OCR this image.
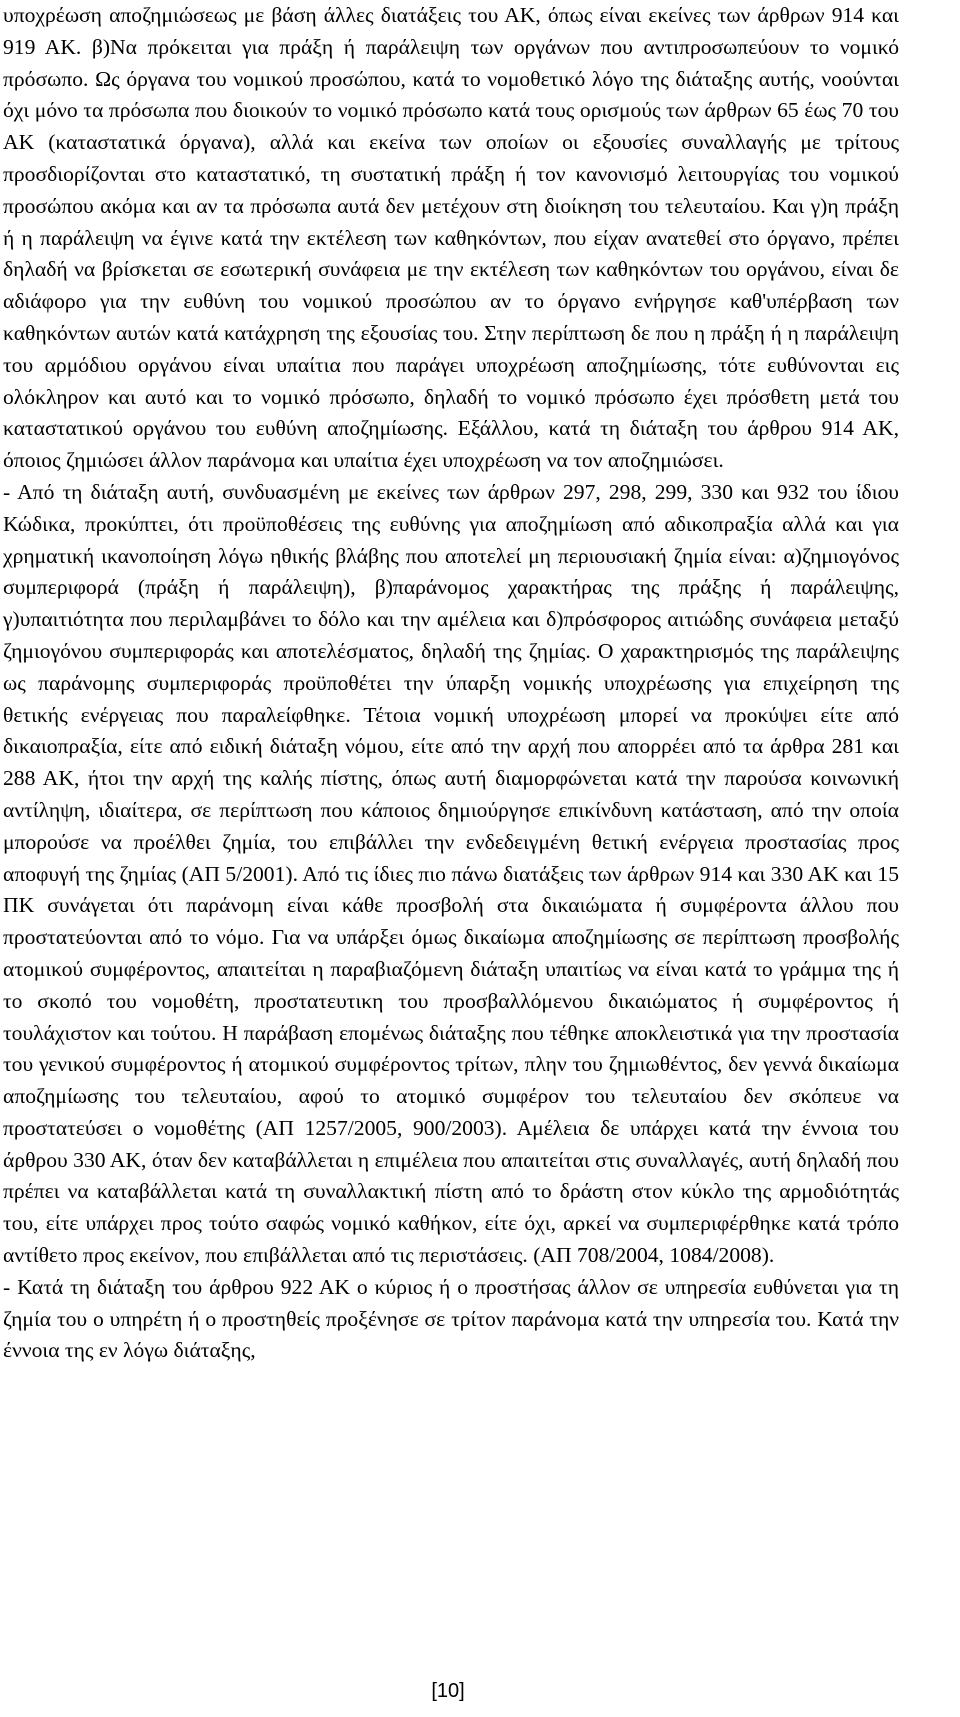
υποχρέωση αποζημιώσεως με βάση άλλες διατάξεις του ΑΚ, όπως είναι εκείνες των άρθρων 914 και 919 ΑΚ. β)Να πρόκειται για πράξη ή παράλειψη των οργάνων που αντιπροσωπεύουν το νομικό πρόσωπο. Ως όργανα του νομικού προσώπου, κατά το νομοθετικό λόγο της διάταξης αυτής, νοούνται όχι μόνο τα πρόσωπα που διοικούν το νομικό πρόσωπο κατά τους ορισμούς των άρθρων 65 έως 70 του ΑΚ (καταστατικά όργανα), αλλά και εκείνα των οποίων οι εξουσίες συναλλαγής με τρίτους προσδιορίζονται στο καταστατικό, τη συστατική πράξη ή τον κανονισμό λειτουργίας του νομικού προσώπου ακόμα και αν τα πρόσωπα αυτά δεν μετέχουν στη διοίκηση του τελευταίου. Και γ)η πράξη ή η παράλειψη να έγινε κατά την εκτέλεση των καθηκόντων, που είχαν ανατεθεί στο όργανο, πρέπει δηλαδή να βρίσκεται σε εσωτερική συνάφεια με την εκτέλεση των καθηκόντων του οργάνου, είναι δε αδιάφορο για την ευθύνη του νομικού προσώπου αν το όργανο ενήργησε καθ'υπέρβαση των καθηκόντων αυτών κατά κατάχρηση της εξουσίας του. Στην περίπτωση δε που η πράξη ή η παράλειψη του αρμόδιου οργάνου είναι υπαίτια που παράγει υποχρέωση αποζημίωσης, τότε ευθύνονται εις ολόκληρον και αυτό και το νομικό πρόσωπο, δηλαδή το νομικό πρόσωπο έχει πρόσθετη μετά του καταστατικού οργάνου του ευθύνη αποζημίωσης. Εξάλλου, κατά τη διάταξη του άρθρου 914 ΑΚ, όποιος ζημιώσει άλλον παράνομα και υπαίτια έχει υποχρέωση να τον αποζημιώσει.

- Από τη διάταξη αυτή, συνδυασμένη με εκείνες των άρθρων 297, 298, 299, 330 και 932 του ίδιου Κώδικα, προκύπτει, ότι προϋποθέσεις της ευθύνης για αποζημίωση από αδικοπραξία αλλά και για χρηματική ικανοποίηση λόγω ηθικής βλάβης που αποτελεί μη περιουσιακή ζημία είναι: α)ζημιογόνος συμπεριφορά (πράξη ή παράλειψη), β)παράνομος χαρακτήρας της πράξης ή παράλειψης, γ)υπαιτιότητα που περιλαμβάνει το δόλο και την αμέλεια και δ)πρόσφορος αιτιώδης συνάφεια μεταξύ ζημιογόνου συμπεριφοράς και αποτελέσματος, δηλαδή της ζημίας. Ο χαρακτηρισμός της παράλειψης ως παράνομης συμπεριφοράς προϋποθέτει την ύπαρξη νομικής υποχρέωσης για επιχείρηση της θετικής ενέργειας που παραλείφθηκε. Τέτοια νομική υποχρέωση μπορεί να προκύψει είτε από δικαιοπραξία, είτε από ειδική διάταξη νόμου, είτε από την αρχή που απορρέει από τα άρθρα 281 και 288 ΑΚ, ήτοι την αρχή της καλής πίστης, όπως αυτή διαμορφώνεται κατά την παρούσα κοινωνική αντίληψη, ιδιαίτερα, σε περίπτωση που κάποιος δημιούργησε επικίνδυνη κατάσταση, από την οποία μπορούσε να προέλθει ζημία, του επιβάλλει την ενδεδειγμένη θετική ενέργεια προστασίας προς αποφυγή της ζημίας (ΑΠ 5/2001). Από τις ίδιες πιο πάνω διατάξεις των άρθρων 914 και 330 ΑΚ και 15 ΠΚ συνάγεται ότι παράνομη είναι κάθε προσβολή στα δικαιώματα ή συμφέροντα άλλου που προστατεύονται από το νόμο. Για να υπάρξει όμως δικαίωμα αποζημίωσης σε περίπτωση προσβολής ατομικού συμφέροντος, απαιτείται η παραβιαζόμενη διάταξη υπαιτίως να είναι κατά το γράμμα της ή το σκοπό του νομοθέτη, προστατευτικη του προσβαλλόμενου δικαιώματος ή συμφέροντος ή τουλάχιστον και τούτου. Η παράβαση επομένως διάταξης που τέθηκε αποκλειστικά για την προστασία του γενικού συμφέροντος ή ατομικού συμφέροντος τρίτων, πλην του ζημιωθέντος, δεν γεννά δικαίωμα αποζημίωσης του τελευταίου, αφού το ατομικό συμφέρον του τελευταίου δεν σκόπευε να προστατεύσει ο νομοθέτης (ΑΠ 1257/2005, 900/2003). Αμέλεια δε υπάρχει κατά την έννοια του άρθρου 330 ΑΚ, όταν δεν καταβάλλεται η επιμέλεια που απαιτείται στις συναλλαγές, αυτή δηλαδή που πρέπει να καταβάλλεται κατά τη συναλλακτική πίστη από το δράστη στον κύκλο της αρμοδιότητάς του, είτε υπάρχει προς τούτο σαφώς νομικό καθήκον, είτε όχι, αρκεί να συμπεριφέρθηκε κατά τρόπο αντίθετο προς εκείνον, που επιβάλλεται από τις περιστάσεις. (ΑΠ 708/2004, 1084/2008).

- Κατά τη διάταξη του άρθρου 922 ΑΚ ο κύριος ή ο προστήσας άλλον σε υπηρεσία ευθύνεται για τη ζημία του ο υπηρέτη ή ο προστηθείς προξένησε σε τρίτον παράνομα κατά την υπηρεσία του. Κατά την έννοια της εν λόγω διάταξης,

[10]
